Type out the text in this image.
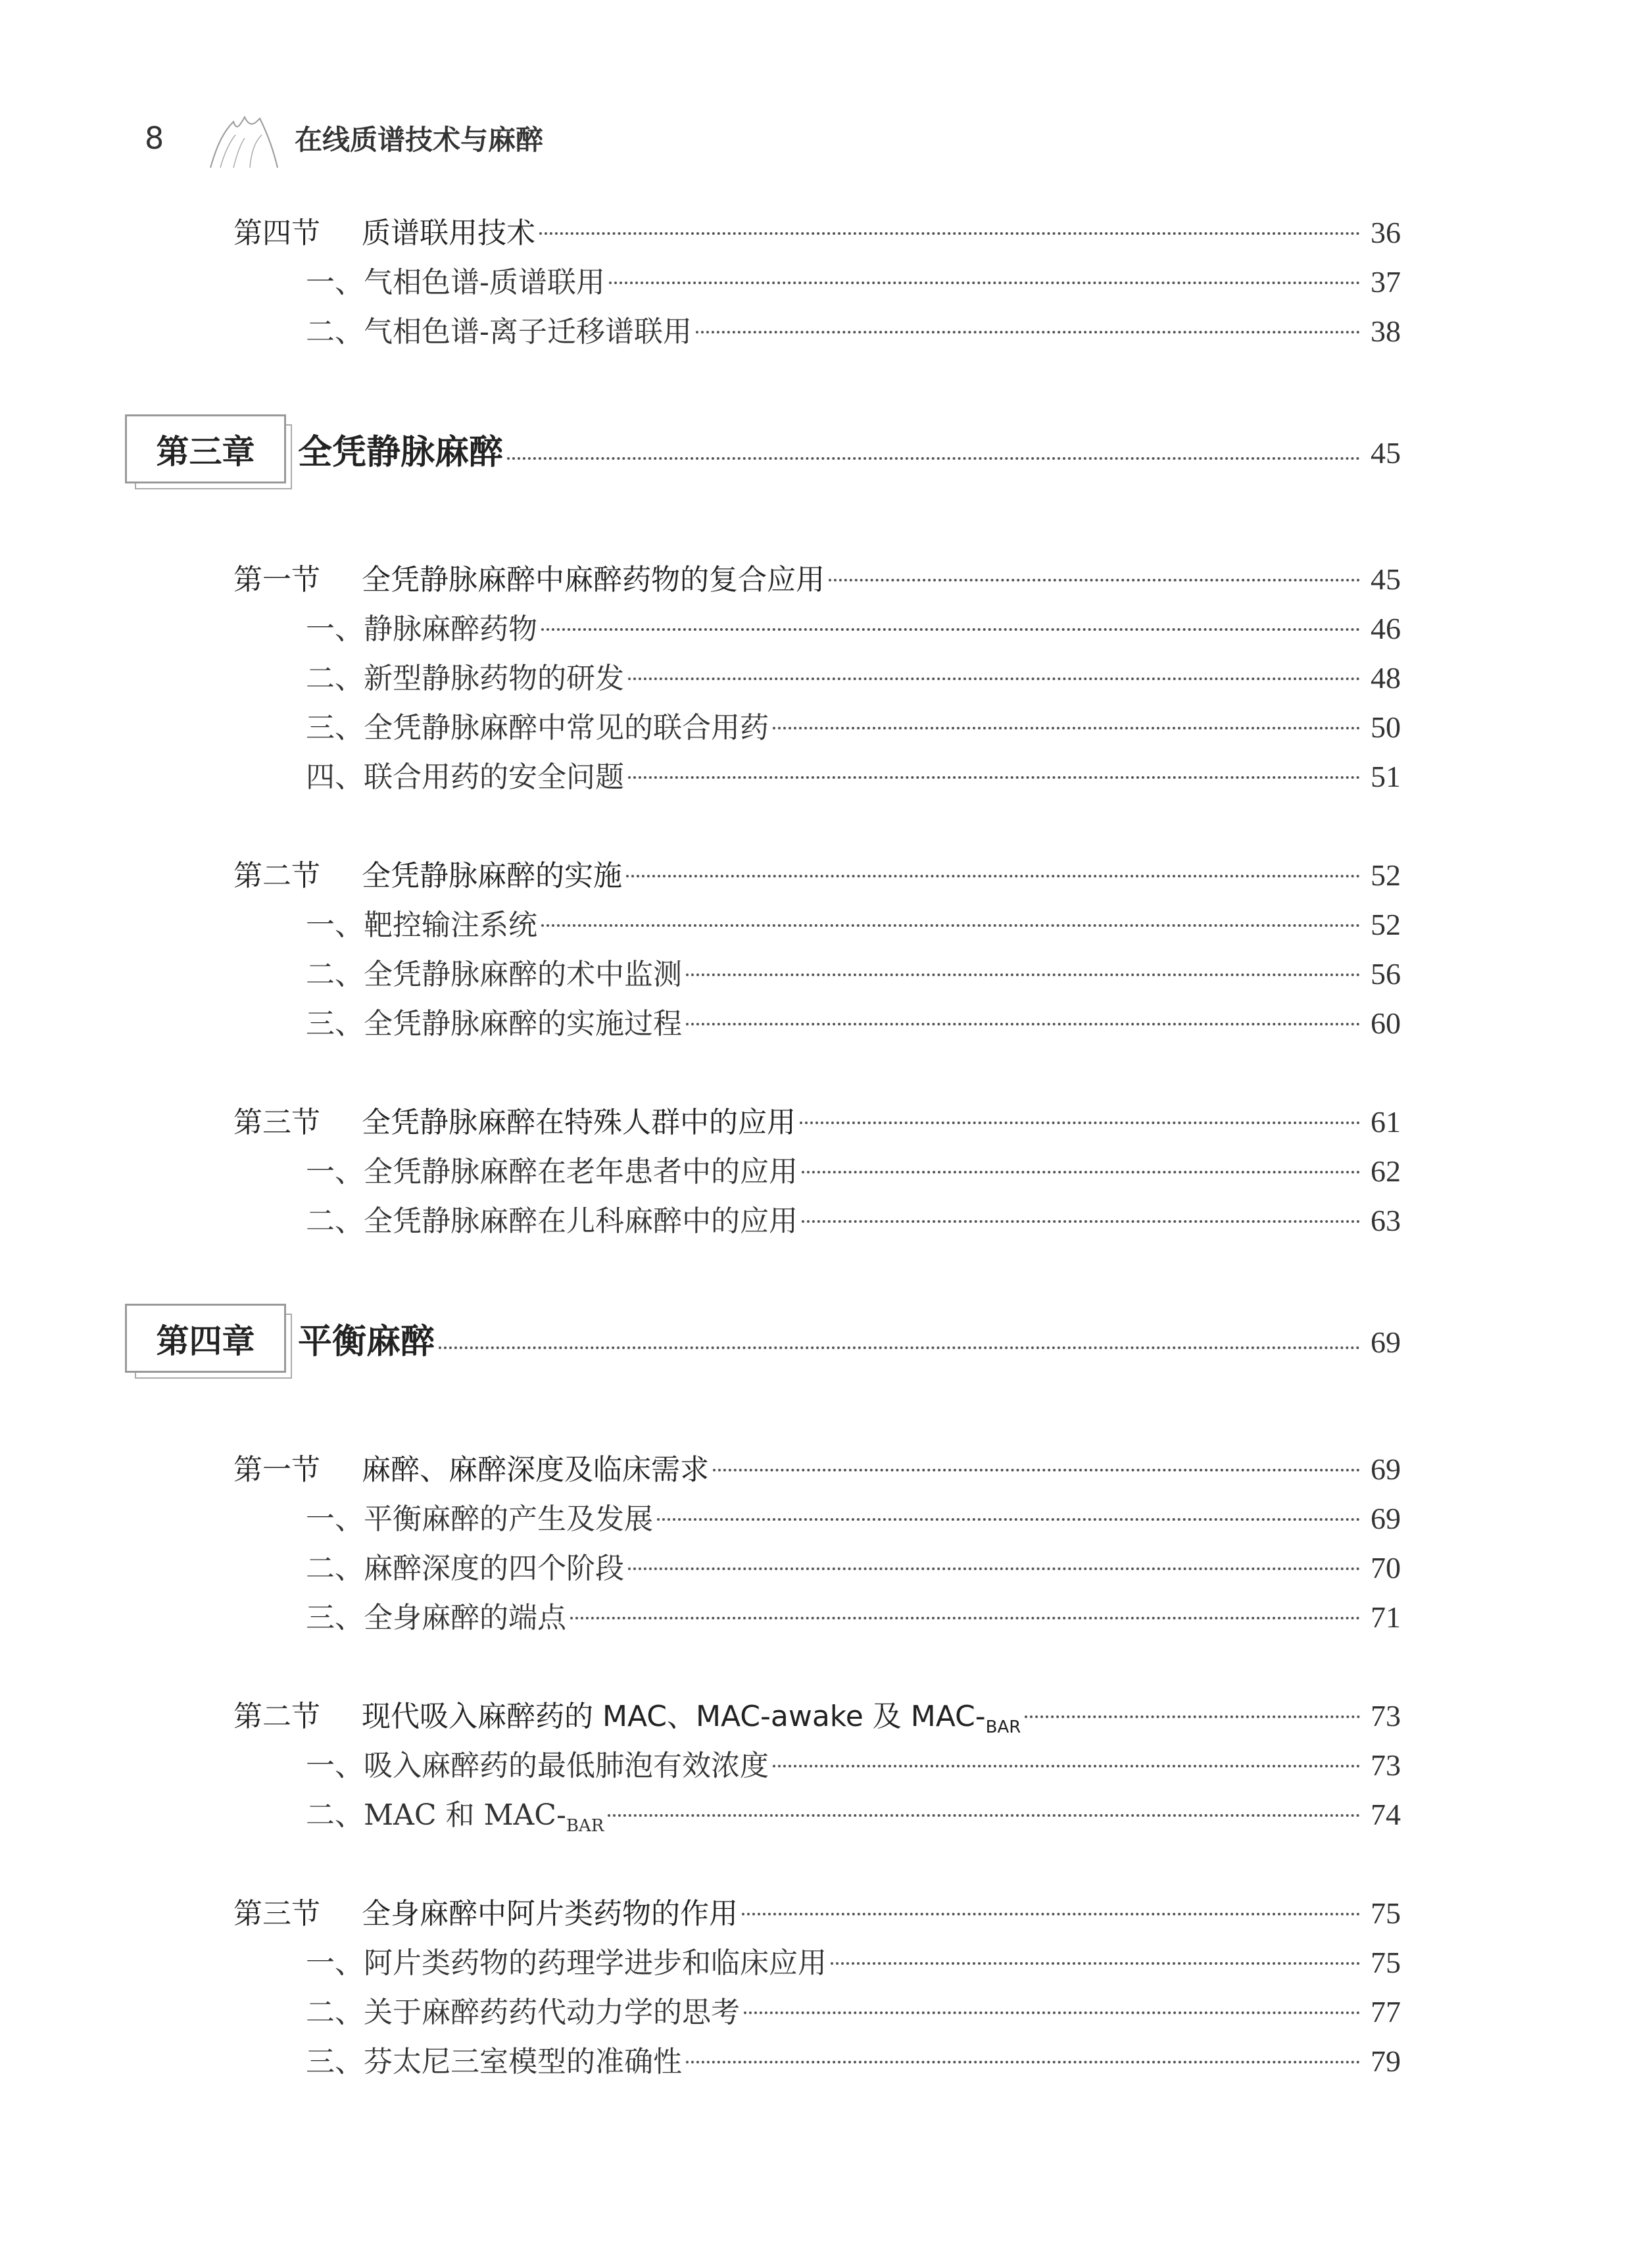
8	在线质谱技术与麻醉
第四节	质谱联用技术	36
一、气相色谱-质谱联用	37
二、气相色谱-离子迁移谱联用	38
第三章	全凭静脉麻醉	45
第一节	全凭静脉麻醉中麻醉药物的复合应用	45
一、静脉麻醉药物	46
二、新型静脉药物的研发	48
三、全凭静脉麻醉中常见的联合用药	50
四、联合用药的安全问题	51
第二节	全凭静脉麻醉的实施	52
一、靶控输注系统	52
二、全凭静脉麻醉的术中监测	56
三、全凭静脉麻醉的实施过程	60
第三节	全凭静脉麻醉在特殊人群中的应用	61
一、全凭静脉麻醉在老年患者中的应用	62
二、全凭静脉麻醉在儿科麻醉中的应用	63
第四章	平衡麻醉	69
第一节	麻醉、麻醉深度及临床需求	69
一、平衡麻醉的产生及发展	69
二、麻醉深度的四个阶段	70
三、全身麻醉的端点	71
第二节	现代吸入麻醉药的 MAC、MAC-awake 及 MAC-$_{BAR}$	73
一、吸入麻醉药的最低肺泡有效浓度	73
二、MAC 和 MAC-$_{BAR}$	74
第三节	全身麻醉中阿片类药物的作用	75
一、阿片类药物的药理学进步和临床应用	75
二、关于麻醉药药代动力学的思考	77
三、芬太尼三室模型的准确性	79
